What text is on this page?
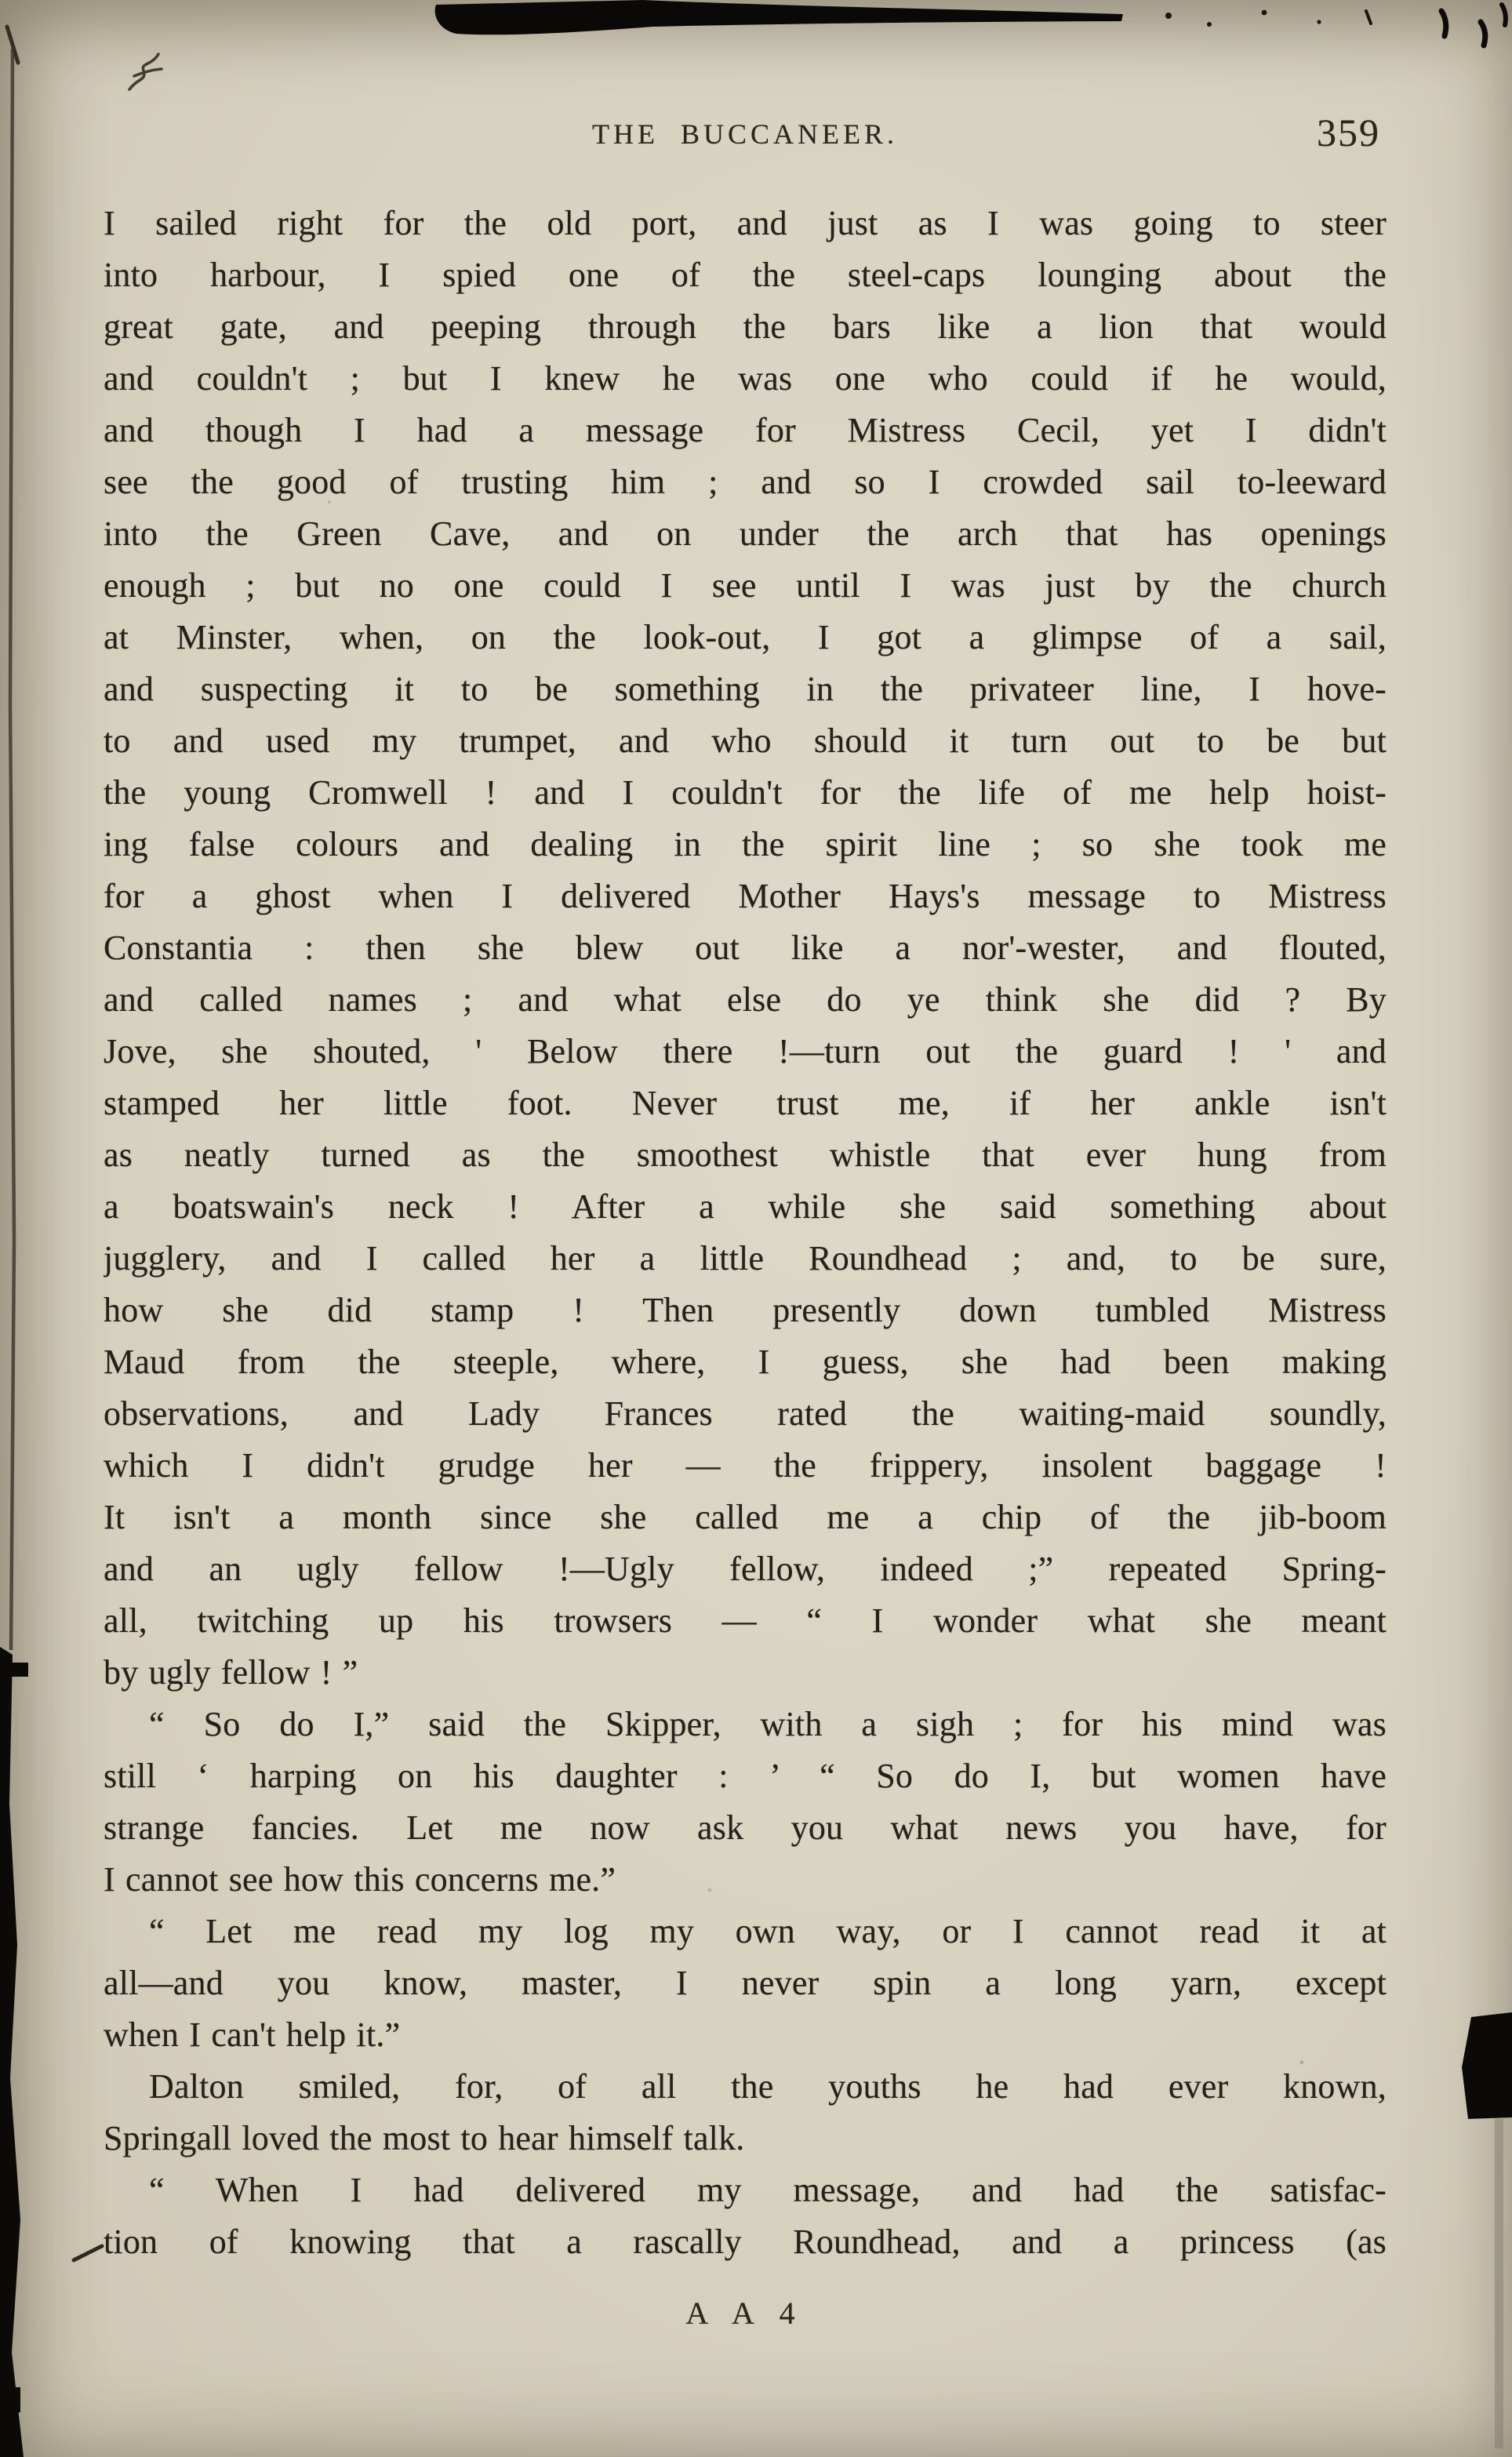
THE BUCCANEER.	359
I sailed right for the old port, and just as I was going to steer
into harbour, I spied one of the steel-caps lounging about the
great gate, and peeping through the bars like a lion that would
and couldn't ; but I knew he was one who could if he would,
and though I had a message for Mistress Cecil, yet I didn't
see the good of trusting him ; and so I crowded sail to-leeward
into the Green Cave, and on under the arch that has openings
enough ; but no one could I see until I was just by the church
at Minster, when, on the look-out, I got a glimpse of a sail,
and suspecting it to be something in the privateer line, I hove-
to and used my trumpet, and who should it turn out to be but
the young Cromwell ! and I couldn't for the life of me help hoist-
ing false colours and dealing in the spirit line ; so she took me
for a ghost when I delivered Mother Hays's message to Mistress
Constantia : then she blew out like a nor'-wester, and flouted,
and called names ; and what else do ye think she did ? By
Jove, she shouted, ' Below there !—turn out the guard ! ' and
stamped her little foot. Never trust me, if her ankle isn't
as neatly turned as the smoothest whistle that ever hung from
a boatswain's neck ! After a while she said something about
jugglery, and I called her a little Roundhead ; and, to be sure,
how she did stamp ! Then presently down tumbled Mistress
Maud from the steeple, where, I guess, she had been making
observations, and Lady Frances rated the waiting-maid soundly,
which I didn't grudge her — the frippery, insolent baggage !
It isn't a month since she called me a chip of the jib-boom
and an ugly fellow !—Ugly fellow, indeed ;” repeated Spring-
all, twitching up his trowsers — “ I wonder what she meant
by ugly fellow ! ”
“ So do I,” said the Skipper, with a sigh ; for his mind was
still ‘ harping on his daughter : ’ “ So do I, but women have
strange fancies. Let me now ask you what news you have, for
I cannot see how this concerns me.”
“ Let me read my log my own way, or I cannot read it at
all—and you know, master, I never spin a long yarn, except
when I can't help it.”
Dalton smiled, for, of all the youths he had ever known,
Springall loved the most to hear himself talk.
“ When I had delivered my message, and had the satisfac-
tion of knowing that a rascally Roundhead, and a princess (as
A A 4
